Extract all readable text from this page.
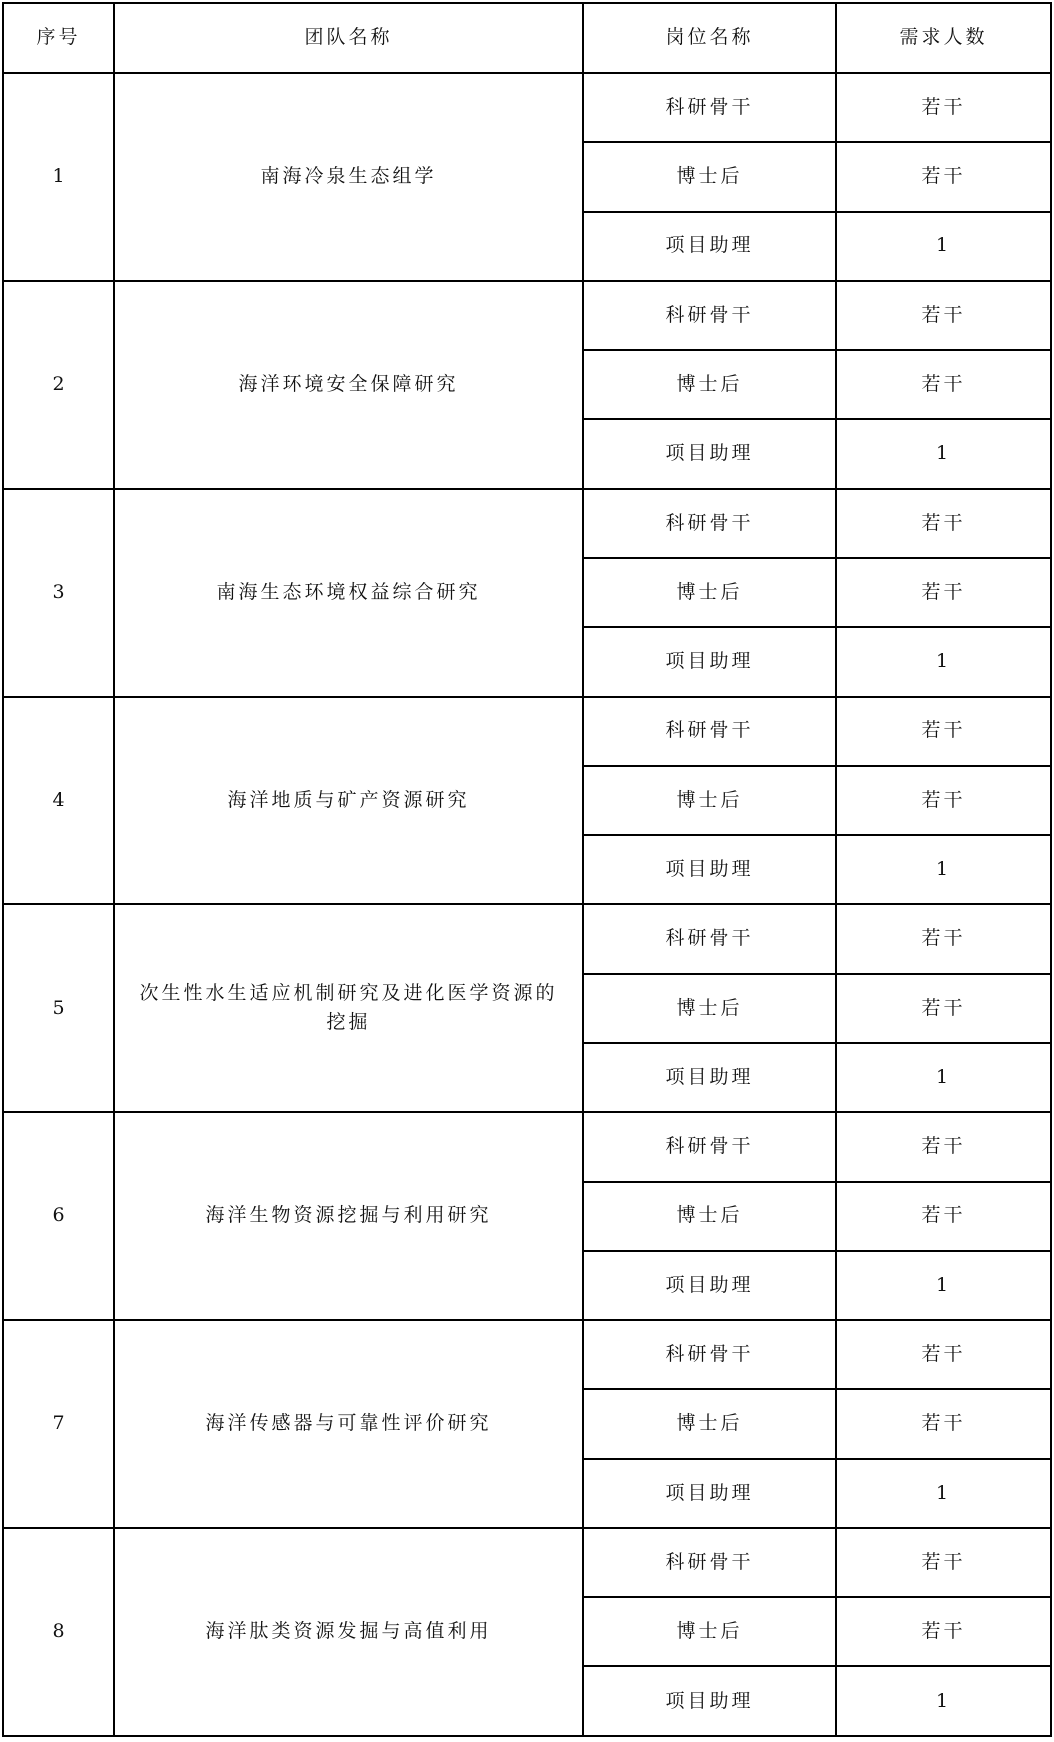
序号	团队名称	岗位名称	需求人数
1	南海冷泉生态组学	科研骨干	若干
		博士后	若干
		项目助理	1
2	海洋环境安全保障研究	科研骨干	若干
		博士后	若干
		项目助理	1
3	南海生态环境权益综合研究	科研骨干	若干
		博士后	若干
		项目助理	1
4	海洋地质与矿产资源研究	科研骨干	若干
		博士后	若干
		项目助理	1
5	次生性水生适应机制研究及进化医学资源的挖掘	科研骨干	若干
		博士后	若干
		项目助理	1
6	海洋生物资源挖掘与利用研究	科研骨干	若干
		博士后	若干
		项目助理	1
7	海洋传感器与可靠性评价研究	科研骨干	若干
		博士后	若干
		项目助理	1
8	海洋肽类资源发掘与高值利用	科研骨干	若干
		博士后	若干
		项目助理	1
